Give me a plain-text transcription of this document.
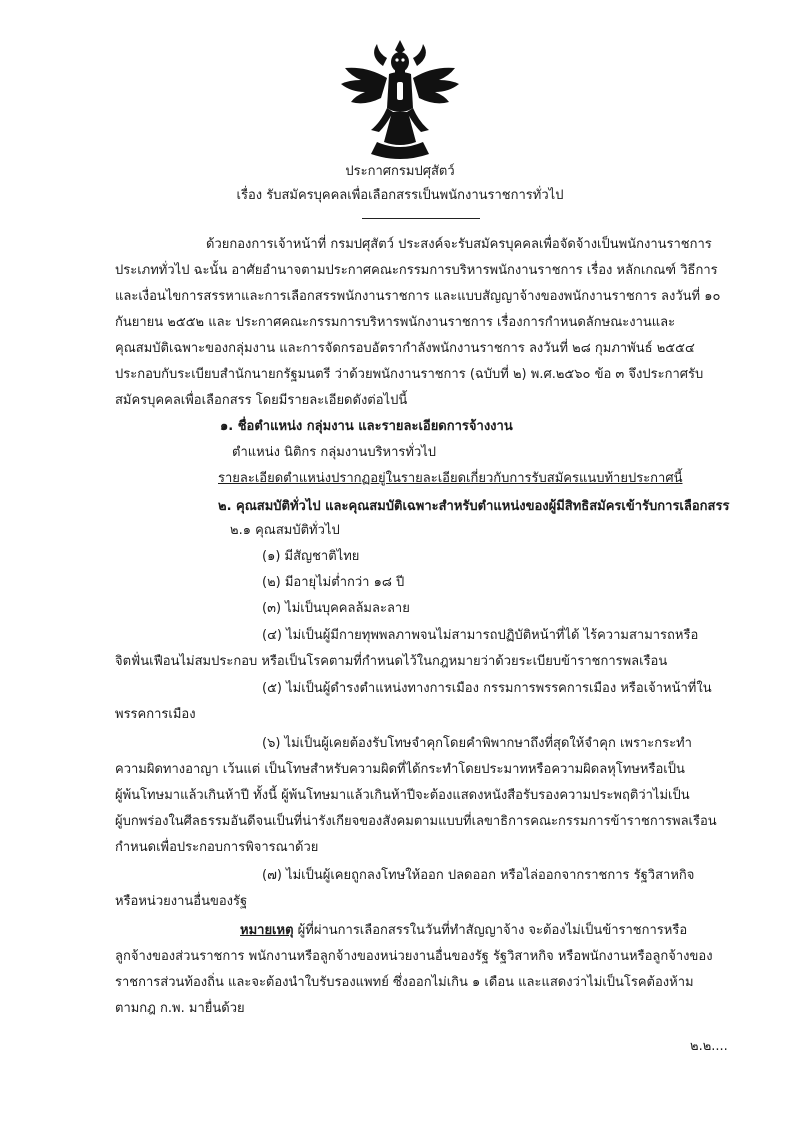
ประกาศกรมปศุสัตว์
เรื่อง รับสมัครบุคคลเพื่อเลือกสรรเป็นพนักงานราชการทั่วไป
ด้วยกองการเจ้าหน้าที่ กรมปศุสัตว์ ประสงค์จะรับสมัครบุคคลเพื่อจัดจ้างเป็นพนักงานราชการ
ประเภททั่วไป ฉะนั้น อาศัยอำนาจตามประกาศคณะกรรมการบริหารพนักงานราชการ เรื่อง หลักเกณฑ์ วิธีการ
และเงื่อนไขการสรรหาและการเลือกสรรพนักงานราชการ และแบบสัญญาจ้างของพนักงานราชการ ลงวันที่ ๑๐
กันยายน ๒๕๕๒ และ ประกาศคณะกรรมการบริหารพนักงานราชการ เรื่องการกำหนดลักษณะงานและ
คุณสมบัติเฉพาะของกลุ่มงาน และการจัดกรอบอัตรากำลังพนักงานราชการ ลงวันที่ ๒๘ กุมภาพันธ์ ๒๕๕๔
ประกอบกับระเบียบสำนักนายกรัฐมนตรี ว่าด้วยพนักงานราชการ (ฉบับที่ ๒) พ.ศ.๒๕๖๐ ข้อ ๓ จึงประกาศรับ
สมัครบุคคลเพื่อเลือกสรร โดยมีรายละเอียดดังต่อไปนี้
๑. ชื่อตำแหน่ง กลุ่มงาน และรายละเอียดการจ้างงาน
ตำแหน่ง นิติกร กลุ่มงานบริหารทั่วไป
รายละเอียดตำแหน่งปรากฏอยู่ในรายละเอียดเกี่ยวกับการรับสมัครแนบท้ายประกาศนี้
๒. คุณสมบัติทั่วไป และคุณสมบัติเฉพาะสำหรับตำแหน่งของผู้มีสิทธิสมัครเข้ารับการเลือกสรร
๒.๑ คุณสมบัติทั่วไป
(๑) มีสัญชาติไทย
(๒) มีอายุไม่ต่ำกว่า ๑๘ ปี
(๓) ไม่เป็นบุคคลล้มละลาย
(๔) ไม่เป็นผู้มีกายทุพพลภาพจนไม่สามารถปฏิบัติหน้าที่ได้ ไร้ความสามารถหรือ
จิตฟั่นเฟือนไม่สมประกอบ หรือเป็นโรคตามที่กำหนดไว้ในกฎหมายว่าด้วยระเบียบข้าราชการพลเรือน
(๕) ไม่เป็นผู้ดำรงตำแหน่งทางการเมือง กรรมการพรรคการเมือง หรือเจ้าหน้าที่ใน
พรรคการเมือง
(๖) ไม่เป็นผู้เคยต้องรับโทษจำคุกโดยคำพิพากษาถึงที่สุดให้จำคุก เพราะกระทำ
ความผิดทางอาญา เว้นแต่ เป็นโทษสำหรับความผิดที่ได้กระทำโดยประมาทหรือความผิดลหุโทษหรือเป็น
ผู้พ้นโทษมาแล้วเกินห้าปี ทั้งนี้ ผู้พ้นโทษมาแล้วเกินห้าปีจะต้องแสดงหนังสือรับรองความประพฤติว่าไม่เป็น
ผู้บกพร่องในศีลธรรมอันดีจนเป็นที่น่ารังเกียจของสังคมตามแบบที่เลขาธิการคณะกรรมการข้าราชการพลเรือน
กำหนดเพื่อประกอบการพิจารณาด้วย
(๗) ไม่เป็นผู้เคยถูกลงโทษให้ออก ปลดออก หรือไล่ออกจากราชการ รัฐวิสาหกิจ
หรือหน่วยงานอื่นของรัฐ
หมายเหตุ ผู้ที่ผ่านการเลือกสรรในวันที่ทำสัญญาจ้าง จะต้องไม่เป็นข้าราชการหรือ
ลูกจ้างของส่วนราชการ พนักงานหรือลูกจ้างของหน่วยงานอื่นของรัฐ รัฐวิสาหกิจ หรือพนักงานหรือลูกจ้างของ
ราชการส่วนท้องถิ่น และจะต้องนำใบรับรองแพทย์ ซึ่งออกไม่เกิน ๑ เดือน และแสดงว่าไม่เป็นโรคต้องห้าม
ตามกฎ ก.พ. มายื่นด้วย
๒.๒....
